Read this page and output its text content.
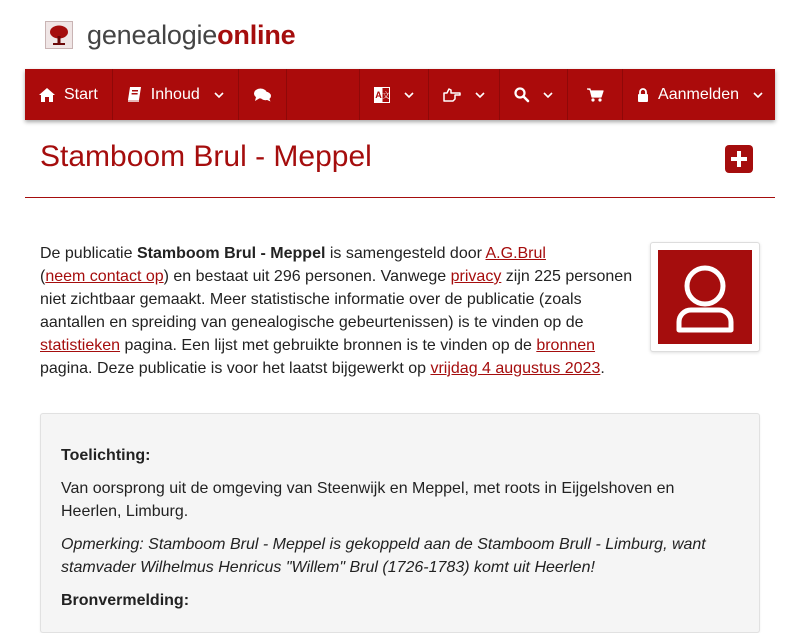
genealogieonline
Start	Inhoud	A 文	Aanmelden
Stamboom Brul - Meppel

De publicatie Stamboom Brul - Meppel is samengesteld door A.G.Brul
(neem contact op) en bestaat uit 296 personen. Vanwege privacy zijn 225 personen niet zichtbaar gemaakt. Meer statistische informatie over de publicatie (zoals aantallen en spreiding van genealogische gebeurtenissen) is te vinden op de statistieken pagina. Een lijst met gebruikte bronnen is te vinden op de bronnen pagina. Deze publicatie is voor het laatst bijgewerkt op vrijdag 4 augustus 2023.

Toelichting:

Van oorsprong uit de omgeving van Steenwijk en Meppel, met roots in Eijgelshoven en Heerlen, Limburg.

Opmerking: Stamboom Brul - Meppel is gekoppeld aan de Stamboom Brull - Limburg, want stamvader Wilhelmus Henricus "Willem" Brul (1726-1783) komt uit Heerlen!

Bronvermelding:
